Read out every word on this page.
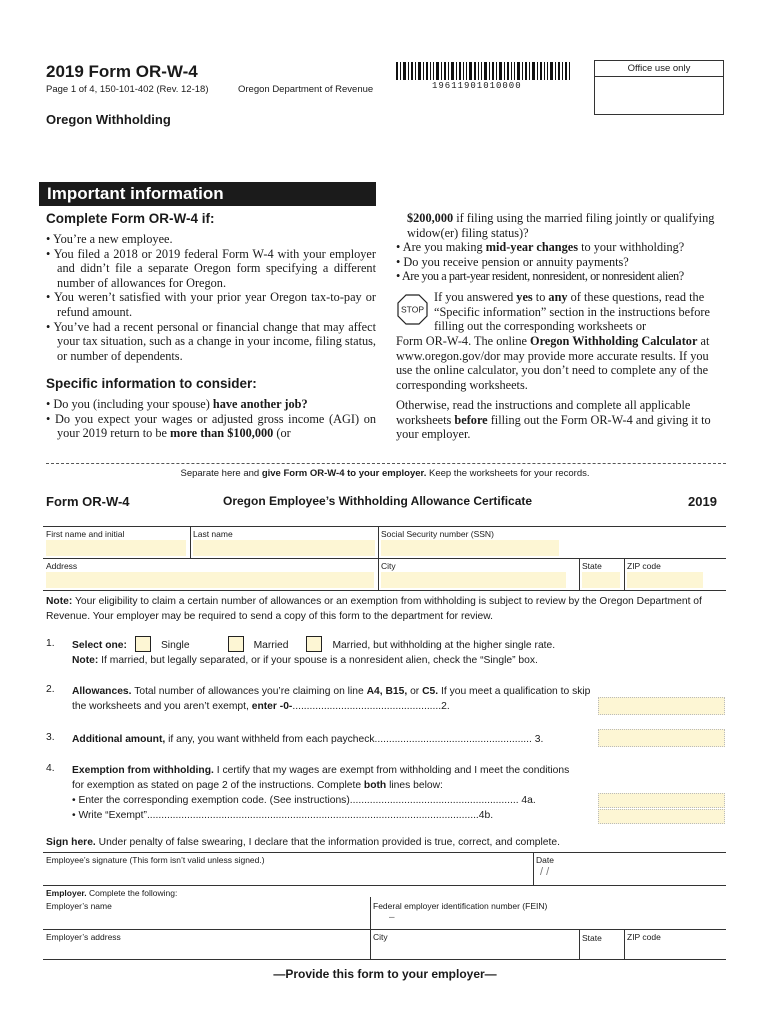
2019 Form OR-W-4
Page 1 of 4, 150-101-402 (Rev. 12-18)	Oregon Department of Revenue	19611901010000
Office use only
Oregon Withholding
Important information
Complete Form OR-W-4 if:
• You’re a new employee.
• You filed a 2018 or 2019 federal Form W-4 with your employer and didn’t file a separate Oregon form specifying a different number of allowances for Oregon.
• You weren’t satisfied with your prior year Oregon tax-to-pay or refund amount.
• You’ve had a recent personal or financial change that may affect your tax situation, such as a change in your income, filing status, or number of dependents.
Specific information to consider:
• Do you (including your spouse) have another job?
• Do you expect your wages or adjusted gross income (AGI) on your 2019 return to be more than $100,000 (or
$200,000 if filing using the married filing jointly or qualifying widow(er) filing status)?
• Are you making mid-year changes to your withholding?
• Do you receive pension or annuity payments?
• Are you a part-year resident, nonresident, or nonresident alien?
STOP
If you answered yes to any of these questions, read the “Specific information” section in the instructions before filling out the corresponding worksheets or
Form OR-W-4. The online Oregon Withholding Calculator at www.oregon.gov/dor may provide more accurate results. If you use the online calculator, you don’t need to complete any of the corresponding worksheets.
Otherwise, read the instructions and complete all applicable worksheets before filling out the Form OR-W-4 and giving it to your employer.
Separate here and give Form OR-W-4 to your employer. Keep the worksheets for your records.
Form OR-W-4	Oregon Employee’s Withholding Allowance Certificate	2019
First name and initial	Last name	Social Security number (SSN)
Address	City	State	ZIP code
Note: Your eligibility to claim a certain number of allowances or an exemption from withholding is subject to review by the Oregon Department of Revenue. Your employer may be required to send a copy of this form to the department for review.
1. Select one:	Single	Married	Married, but withholding at the higher single rate.
Note: If married, but legally separated, or if your spouse is a nonresident alien, check the “Single” box.
2. Allowances. Total number of allowances you’re claiming on line A4, B15, or C5. If you meet a qualification to skip the worksheets and you aren’t exempt, enter -0-....................................................2.
3. Additional amount, if any, you want withheld from each paycheck....................................................... 3.
4. Exemption from withholding. I certify that my wages are exempt from withholding and I meet the conditions for exemption as stated on page 2 of the instructions. Complete both lines below:
• Enter the corresponding exemption code. (See instructions)........................................................... 4a.
• Write “Exempt”....................................................................................................................4b.
Sign here. Under penalty of false swearing, I declare that the information provided is true, correct, and complete.
Employee’s signature (This form isn’t valid unless signed.)	Date
/ /
Employer. Complete the following:
Employer’s name	Federal employer identification number (FEIN)
–
Employer’s address	City	State	ZIP code
—Provide this form to your employer—
